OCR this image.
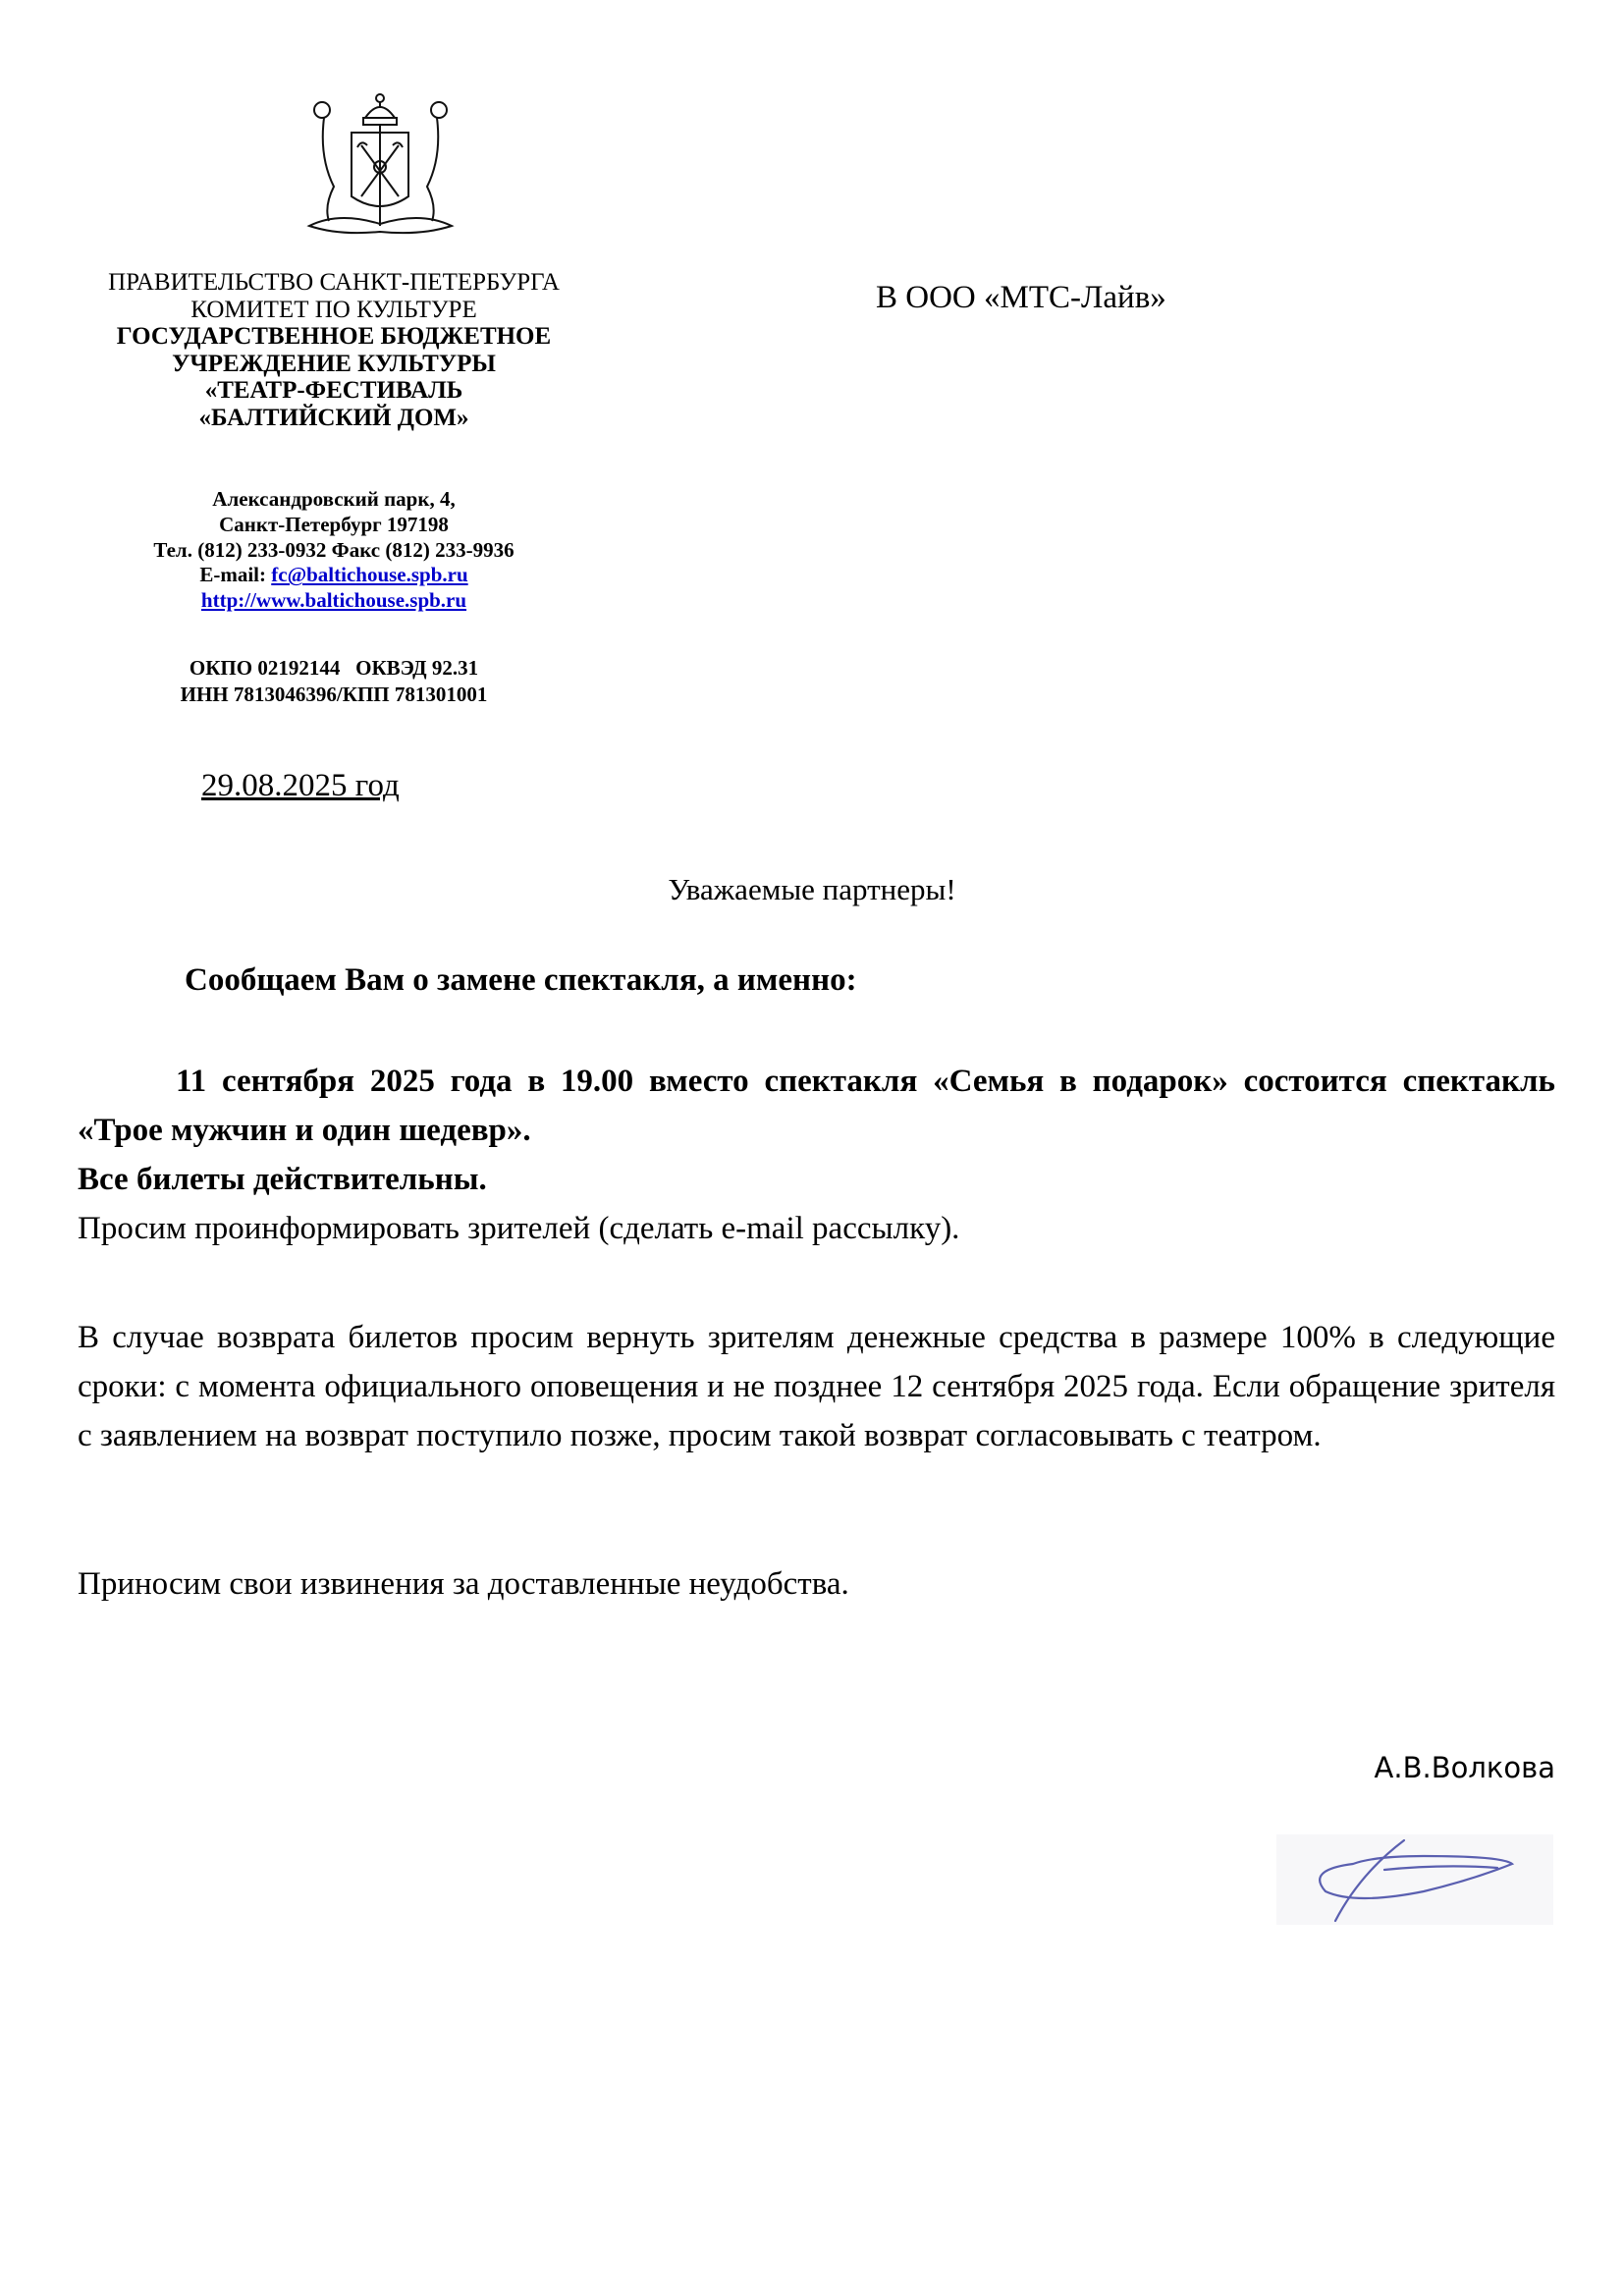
ПРАВИТЕЛЬСТВО САНКТ-ПЕТЕРБУРГА
КОМИТЕТ ПО КУЛЬТУРЕ
ГОСУДАРСТВЕННОЕ БЮДЖЕТНОЕ
УЧРЕЖДЕНИЕ КУЛЬТУРЫ
«ТЕАТР-ФЕСТИВАЛЬ
«БАЛТИЙСКИЙ ДОМ»
Александровский парк, 4,
Санкт-Петербург 197198
Тел. (812) 233-0932 Факс (812) 233-9936
E-mail: fc@baltichouse.spb.ru
http://www.baltichouse.spb.ru
ОКПО 02192144   ОКВЭД 92.31
ИНН 7813046396/КПП 781301001
В ООО «МТС-Лайв»
29.08.2025 год
Уважаемые партнеры!
Сообщаем Вам о замене спектакля, а именно:
11 сентября 2025 года в 19.00 вместо спектакля «Семья в подарок» состоится спектакль «Трое мужчин и один шедевр».
Все билеты действительны.
Просим проинформировать зрителей (сделать e-mail рассылку).
В случае возврата билетов просим вернуть зрителям денежные средства в размере 100% в следующие сроки: с момента официального оповещения и не позднее 12 сентября 2025 года. Если обращение зрителя с заявлением на возврат поступило позже, просим такой возврат согласовывать с театром.
Приносим свои извинения за доставленные неудобства.
А.В.Волкова
